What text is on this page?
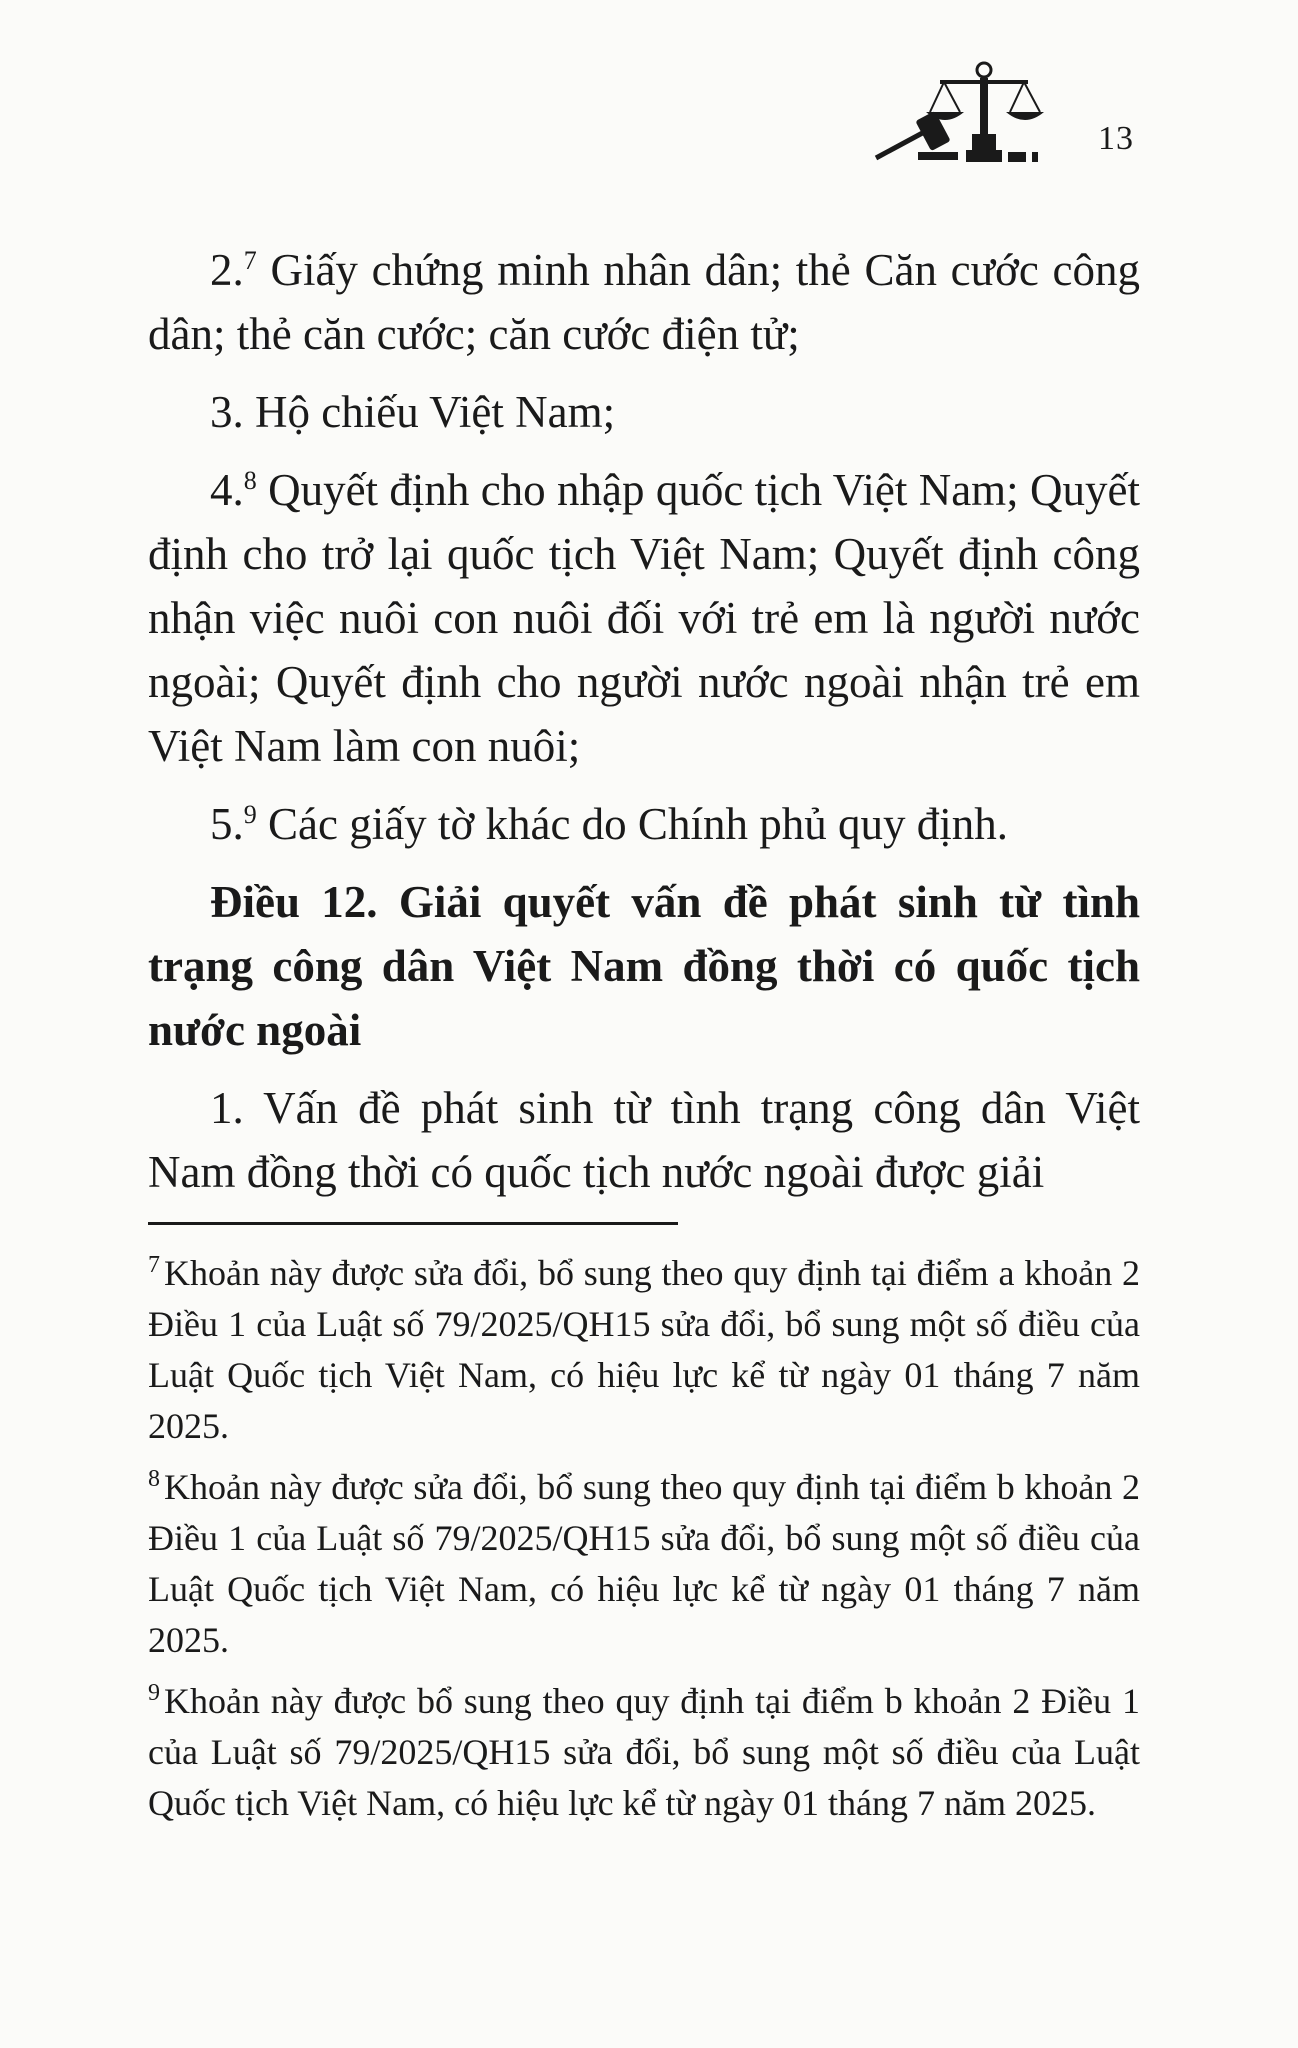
13

2.$^7$ Giấy chứng minh nhân dân; thẻ Căn cước công dân; thẻ căn cước; căn cước điện tử;

3. Hộ chiếu Việt Nam;

4.$^8$ Quyết định cho nhập quốc tịch Việt Nam; Quyết định cho trở lại quốc tịch Việt Nam; Quyết định công nhận việc nuôi con nuôi đối với trẻ em là người nước ngoài; Quyết định cho người nước ngoài nhận trẻ em Việt Nam làm con nuôi;

5.$^9$ Các giấy tờ khác do Chính phủ quy định.

Điều 12. Giải quyết vấn đề phát sinh từ tình trạng công dân Việt Nam đồng thời có quốc tịch nước ngoài

1. Vấn đề phát sinh từ tình trạng công dân Việt Nam đồng thời có quốc tịch nước ngoài được giải

$^7$ Khoản này được sửa đổi, bổ sung theo quy định tại điểm a khoản 2 Điều 1 của Luật số 79/2025/QH15 sửa đổi, bổ sung một số điều của Luật Quốc tịch Việt Nam, có hiệu lực kể từ ngày 01 tháng 7 năm 2025.

$^8$ Khoản này được sửa đổi, bổ sung theo quy định tại điểm b khoản 2 Điều 1 của Luật số 79/2025/QH15 sửa đổi, bổ sung một số điều của Luật Quốc tịch Việt Nam, có hiệu lực kể từ ngày 01 tháng 7 năm 2025.

$^9$ Khoản này được bổ sung theo quy định tại điểm b khoản 2 Điều 1 của Luật số 79/2025/QH15 sửa đổi, bổ sung một số điều của Luật Quốc tịch Việt Nam, có hiệu lực kể từ ngày 01 tháng 7 năm 2025.
